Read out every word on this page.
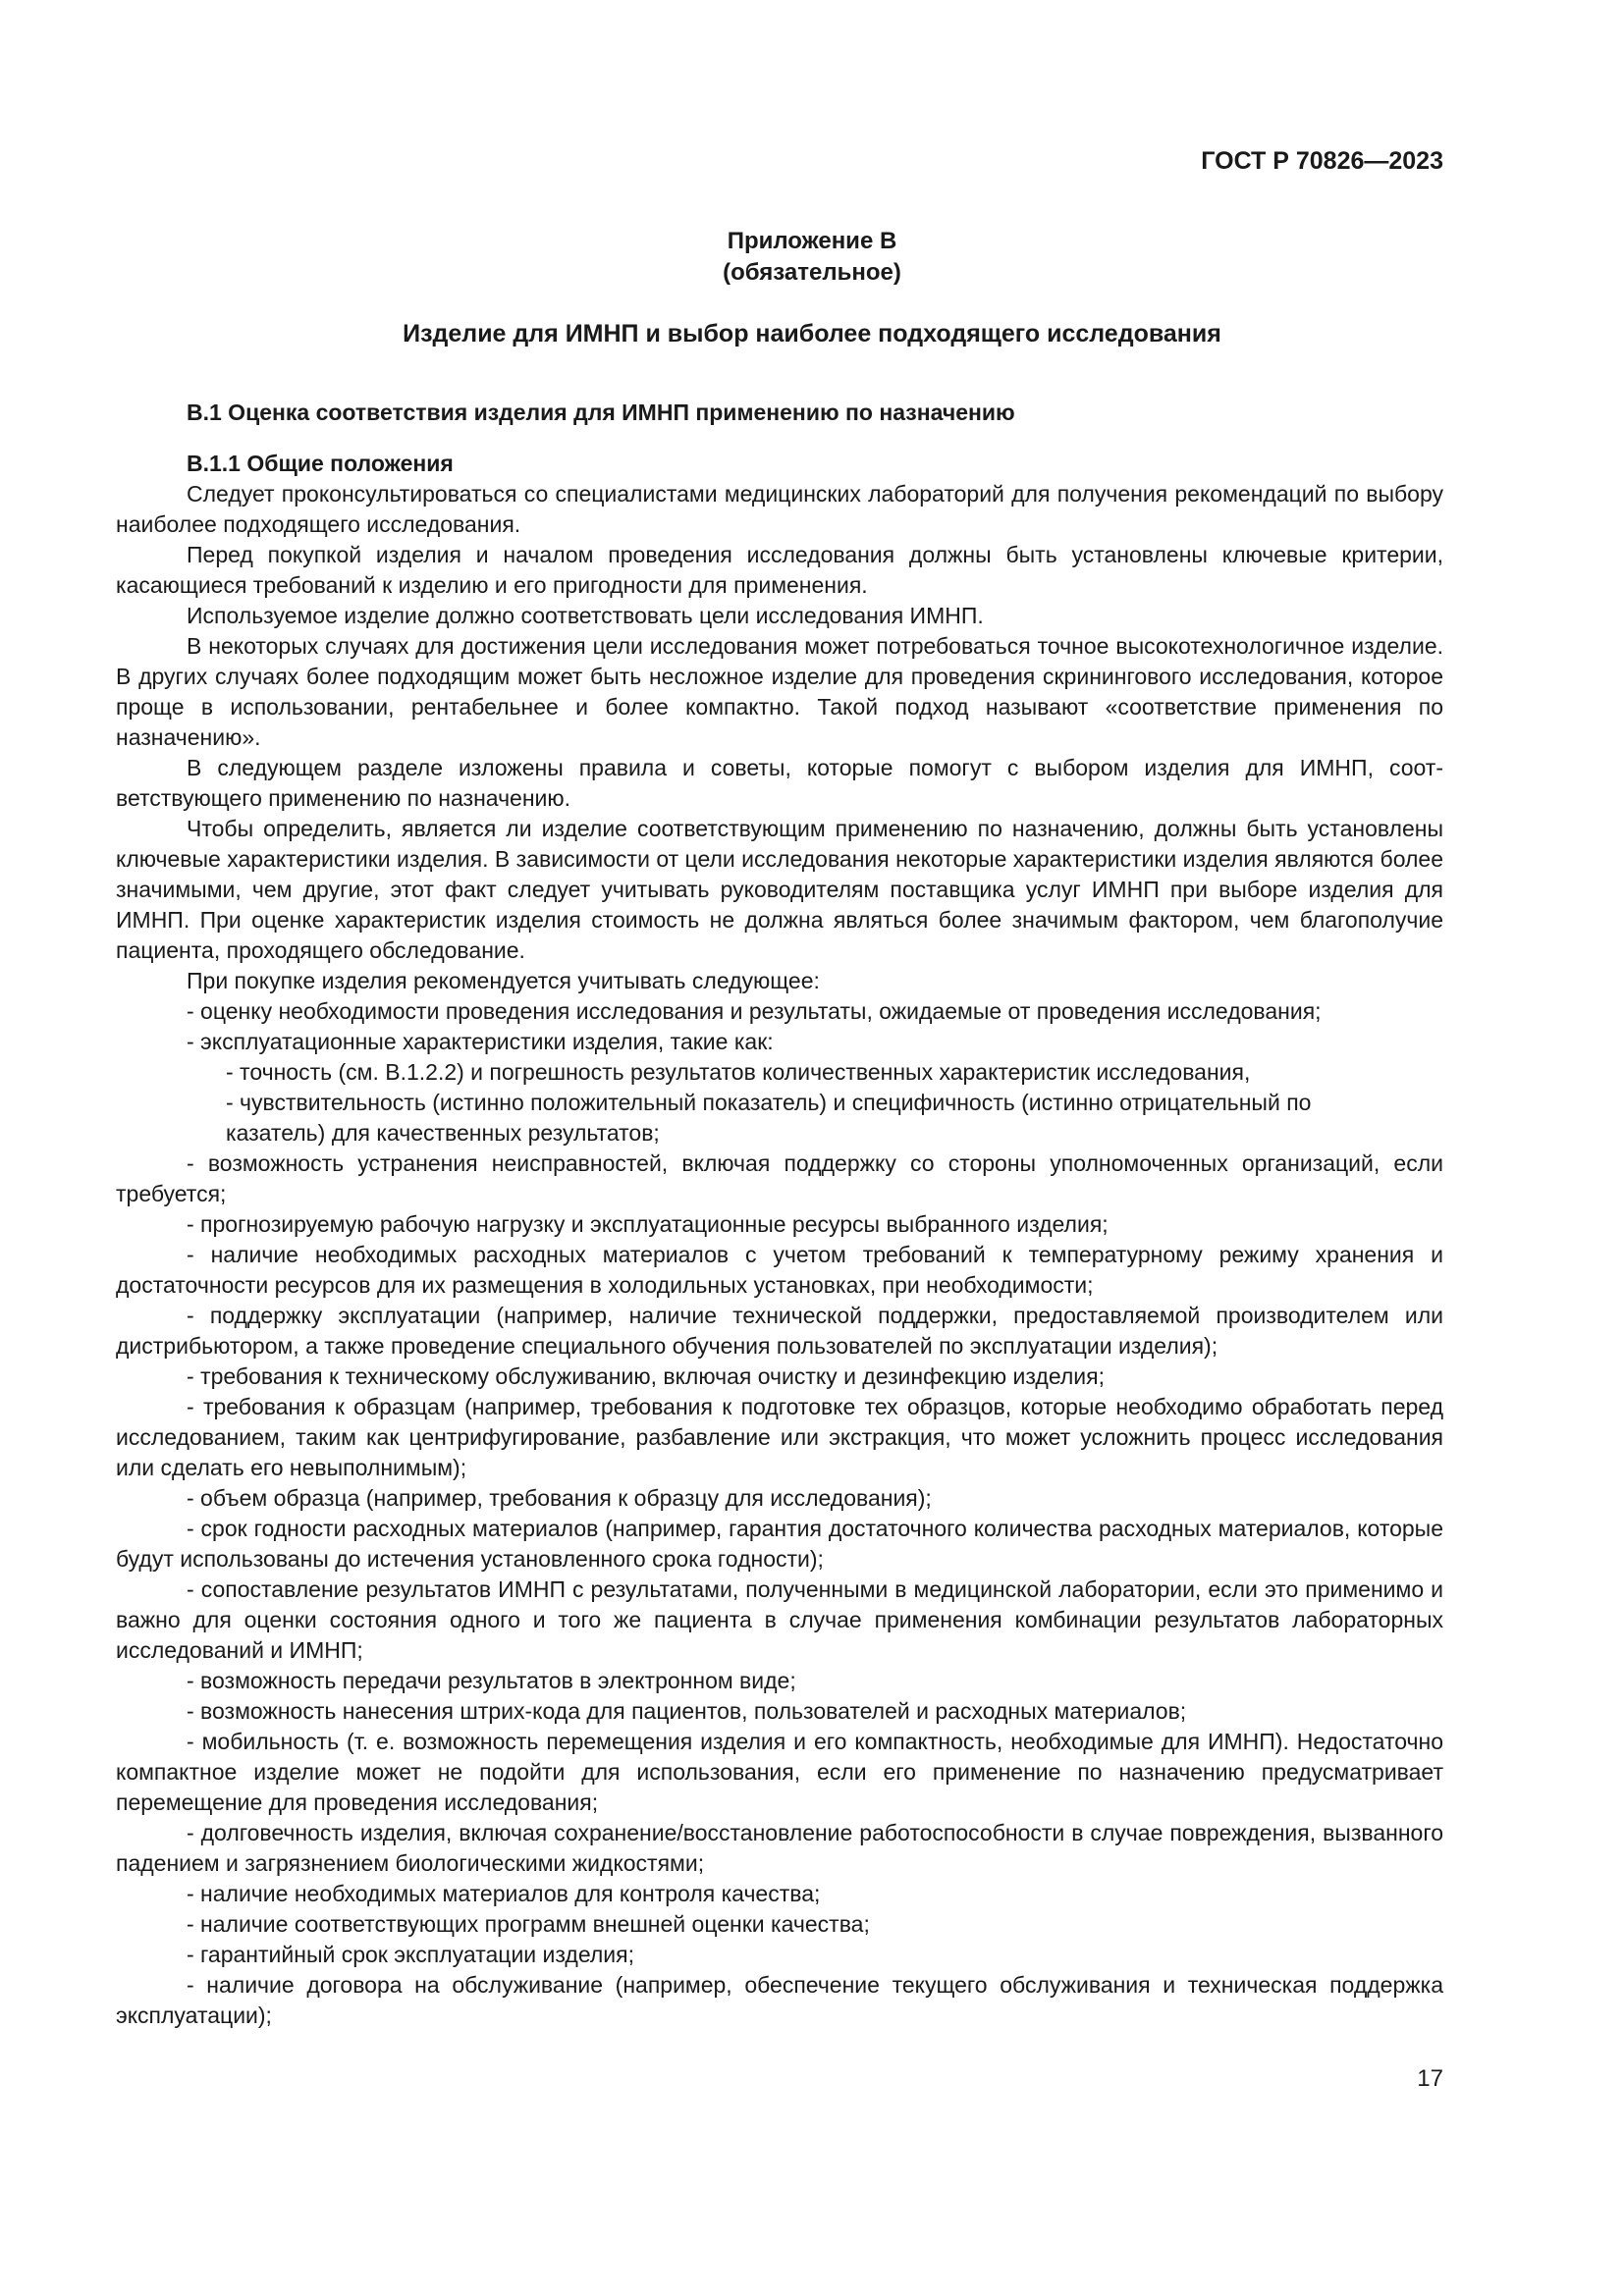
ГОСТ Р 70826—2023

Приложение В
(обязательное)
Изделие для ИМНП и выбор наиболее подходящего исследования

В.1 Оценка соответствия изделия для ИМНП применению по назначению

В.1.1 Общие положения

Следует проконсультироваться со специалистами медицинских лабораторий для получения рекомендаций по выбору наиболее подходящего исследования.

Перед покупкой изделия и началом проведения исследования должны быть установлены ключевые критерии, касающиеся требований к изделию и его пригодности для применения.

Используемое изделие должно соответствовать цели исследования ИМНП.

В некоторых случаях для достижения цели исследования может потребоваться точное высокотехнологичное изделие. В других случаях более подходящим может быть несложное изделие для проведения скринингового исследования, которое проще в использовании, рентабельнее и более компактно. Такой подход называют «соответствие применения по назначению».

В следующем разделе изложены правила и советы, которые помогут с выбором изделия для ИМНП, соответствующего применению по назначению.

Чтобы определить, является ли изделие соответствующим применению по назначению, должны быть установлены ключевые характеристики изделия. В зависимости от цели исследования некоторые характеристики изделия являются более значимыми, чем другие, этот факт следует учитывать руководителям поставщика услуг ИМНП при выборе изделия для ИМНП. При оценке характеристик изделия стоимость не должна являться более значимым фактором, чем благополучие пациента, проходящего обследование.

При покупке изделия рекомендуется учитывать следующее:

- оценку необходимости проведения исследования и результаты, ожидаемые от проведения исследования;

- эксплуатационные характеристики изделия, такие как:

- точность (см. В.1.2.2) и погрешность результатов количественных характеристик исследования,

- чувствительность (истинно положительный показатель) и специфичность (истинно отрицательный по

казатель) для качественных результатов;

- возможность устранения неисправностей, включая поддержку со стороны уполномоченных организаций, если требуется;

- прогнозируемую рабочую нагрузку и эксплуатационные ресурсы выбранного изделия;

- наличие необходимых расходных материалов с учетом требований к температурному режиму хранения и достаточности ресурсов для их размещения в холодильных установках, при необходимости;

- поддержку эксплуатации (например, наличие технической поддержки, предоставляемой производителем или дистрибьютором, а также проведение специального обучения пользователей по эксплуатации изделия);

- требования к техническому обслуживанию, включая очистку и дезинфекцию изделия;

- требования к образцам (например, требования к подготовке тех образцов, которые необходимо обработать перед исследованием, таким как центрифугирование, разбавление или экстракция, что может усложнить процесс исследования или сделать его невыполнимым);

- объем образца (например, требования к образцу для исследования);

- срок годности расходных материалов (например, гарантия достаточного количества расходных материалов, которые будут использованы до истечения установленного срока годности);

- сопоставление результатов ИМНП с результатами, полученными в медицинской лаборатории, если это применимо и важно для оценки состояния одного и того же пациента в случае применения комбинации результатов лабораторных исследований и ИМНП;

- возможность передачи результатов в электронном виде;

- возможность нанесения штрих-кода для пациентов, пользователей и расходных материалов;

- мобильность (т. е. возможность перемещения изделия и его компактность, необходимые для ИМНП). Недостаточно компактное изделие может не подойти для использования, если его применение по назначению предусматривает перемещение для проведения исследования;

- долговечность изделия, включая сохранение/восстановление работоспособности в случае повреждения, вызванного падением и загрязнением биологическими жидкостями;

- наличие необходимых материалов для контроля качества;

- наличие соответствующих программ внешней оценки качества;

- гарантийный срок эксплуатации изделия;

- наличие договора на обслуживание (например, обеспечение текущего обслуживания и техническая поддержка эксплуатации);

17
